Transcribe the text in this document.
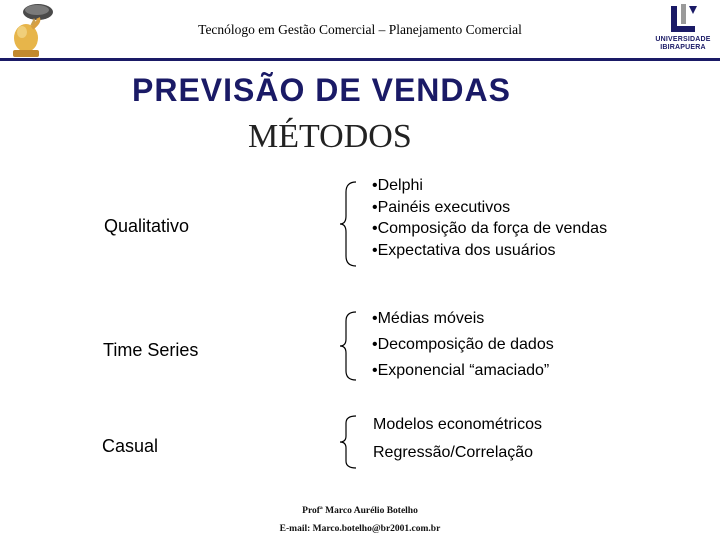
Tecnólogo em Gestão Comercial – Planejamento Comercial
UNIVERSIDADE
IBIRAPUERA
PREVISÃO DE VENDAS
MÉTODOS
Qualitativo
•Delphi
•Painéis executivos
•Composição da força de vendas
•Expectativa dos usuários
Time Series
•Médias móveis
•Decomposição de dados
•Exponencial “amaciado”
Casual
Modelos econométricos
Regressão/Correlação
Profª Marco Aurélio Botelho
E-mail: Marco.botelho@br2001.com.br
